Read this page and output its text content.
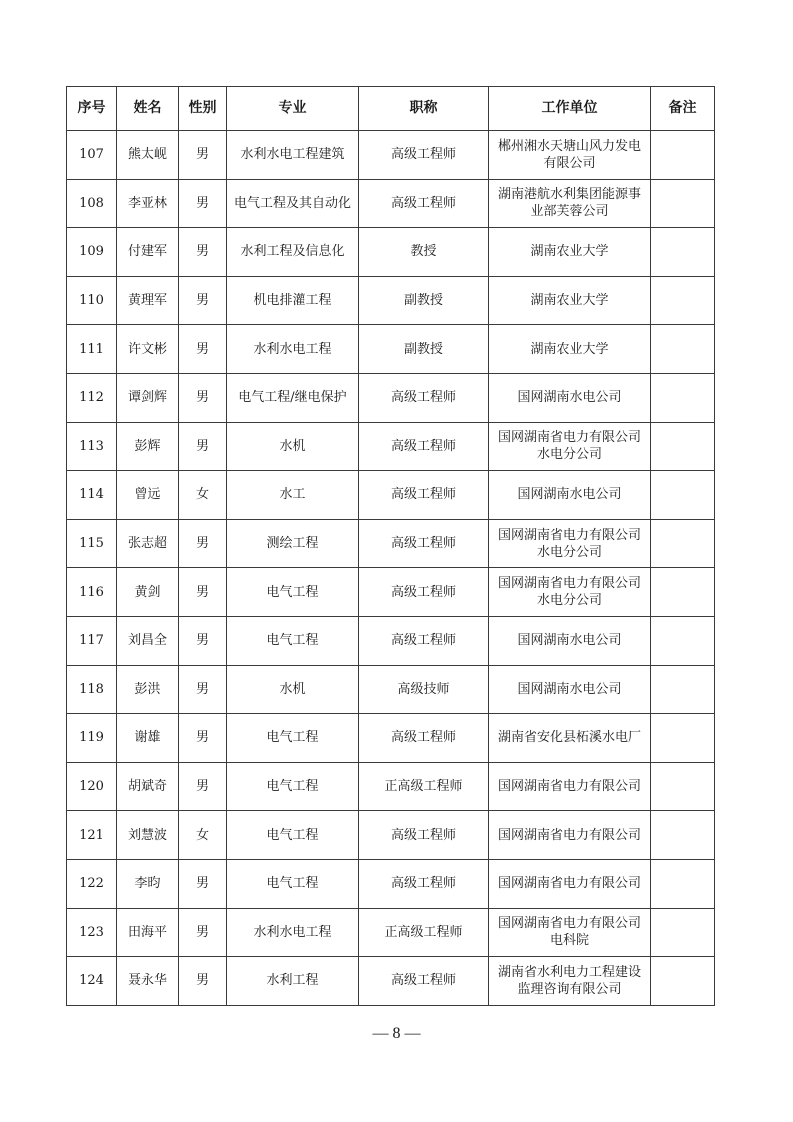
序号	姓名	性别	专业	职称	工作单位	备注
107	熊太岘	男	水利水电工程建筑	高级工程师	郴州湘水天塘山风力发电有限公司	
108	李亚林	男	电气工程及其自动化	高级工程师	湖南港航水利集团能源事业部芙蓉公司	
109	付建军	男	水利工程及信息化	教授	湖南农业大学	
110	黄理军	男	机电排灌工程	副教授	湖南农业大学	
111	许文彬	男	水利水电工程	副教授	湖南农业大学	
112	谭剑辉	男	电气工程/继电保护	高级工程师	国网湖南水电公司	
113	彭辉	男	水机	高级工程师	国网湖南省电力有限公司水电分公司	
114	曾远	女	水工	高级工程师	国网湖南水电公司	
115	张志超	男	测绘工程	高级工程师	国网湖南省电力有限公司水电分公司	
116	黄剑	男	电气工程	高级工程师	国网湖南省电力有限公司水电分公司	
117	刘昌全	男	电气工程	高级工程师	国网湖南水电公司	
118	彭洪	男	水机	高级技师	国网湖南水电公司	
119	谢雄	男	电气工程	高级工程师	湖南省安化县柘溪水电厂	
120	胡斌奇	男	电气工程	正高级工程师	国网湖南省电力有限公司	
121	刘慧波	女	电气工程	高级工程师	国网湖南省电力有限公司	
122	李昀	男	电气工程	高级工程师	国网湖南省电力有限公司	
123	田海平	男	水利水电工程	正高级工程师	国网湖南省电力有限公司电科院	
124	聂永华	男	水利工程	高级工程师	湖南省水利电力工程建设监理咨询有限公司	
— 8 —
